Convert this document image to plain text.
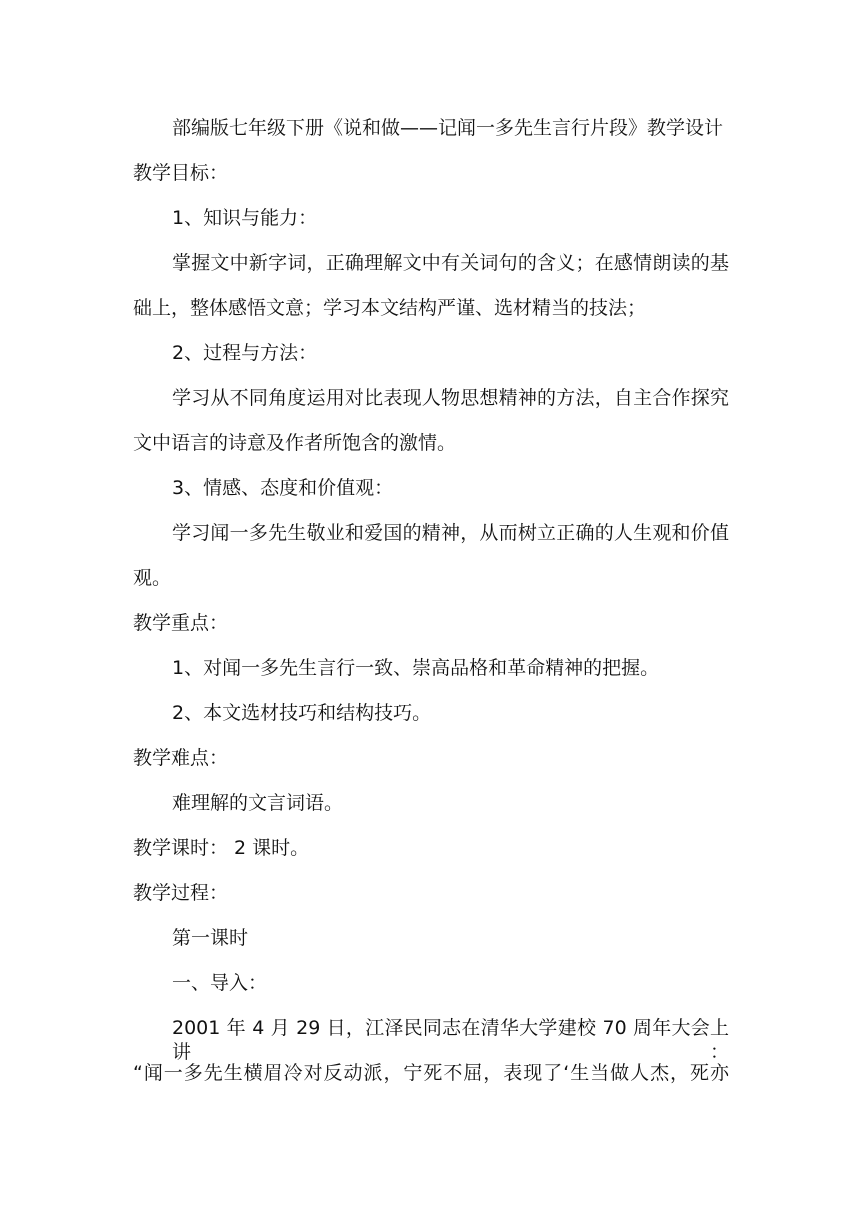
部编版七年级下册《说和做——记闻一多先生言行片段》教学设计
教学目标：
1、知识与能力：
掌握文中新字词，正确理解文中有关词句的含义；在感情朗读的基
础上，整体感悟文意；学习本文结构严谨、选材精当的技法；
2、过程与方法：
学习从不同角度运用对比表现人物思想精神的方法，自主合作探究
文中语言的诗意及作者所饱含的激情。
3、情感、态度和价值观：
学习闻一多先生敬业和爱国的精神，从而树立正确的人生观和价值
观。
教学重点：
1、对闻一多先生言行一致、崇高品格和革命精神的把握。
2、本文选材技巧和结构技巧。
教学难点：
难理解的文言词语。
教学课时： 2 课时。
教学过程：
第一课时
一、导入：
2001 年 4 月 29 日，江泽民同志在清华大学建校 70 周年大会上讲：
“闻一多先生横眉冷对反动派，宁死不屈，表现了‘生当做人杰，死亦
